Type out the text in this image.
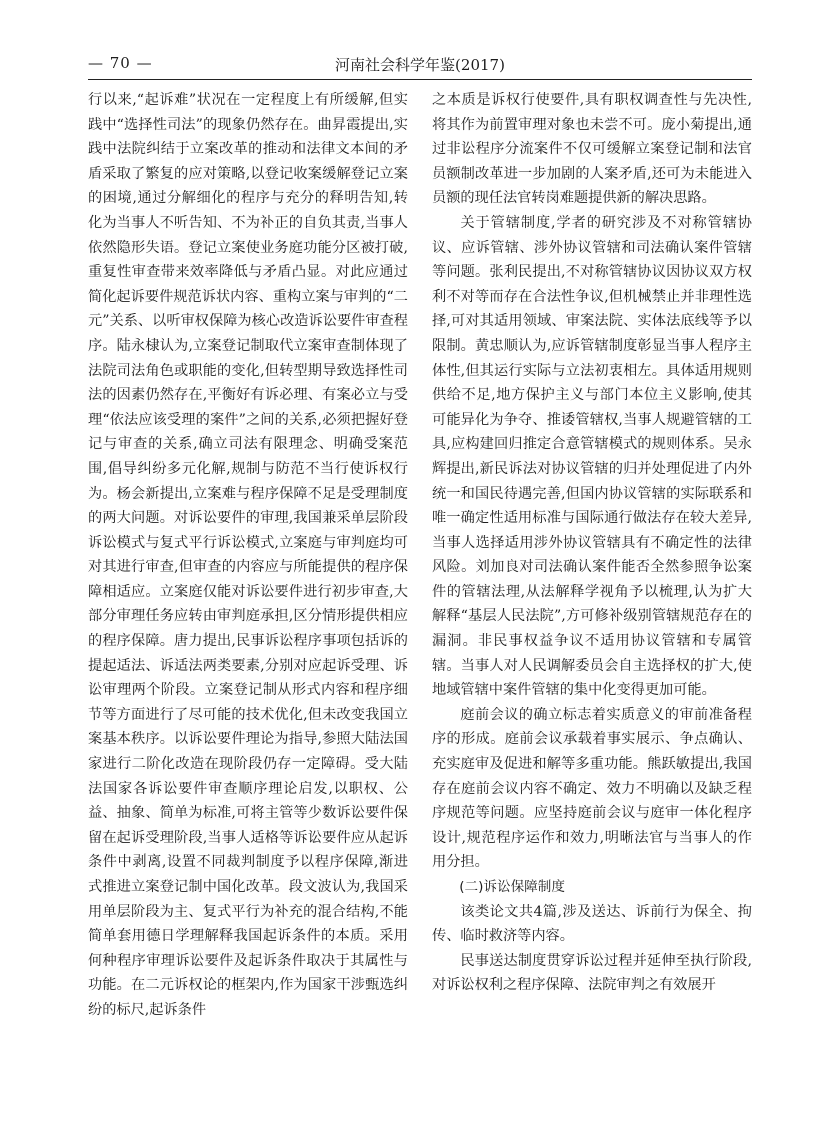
— 70 —	河南社会科学年鉴(2017)

行以来,“起诉难”状况在一定程度上有所缓解,但实践中“选择性司法”的现象仍然存在。曲昇霞提出,实践中法院纠结于立案改革的推动和法律文本间的矛盾采取了繁复的应对策略,以登记收案缓解登记立案的困境,通过分解细化的程序与充分的释明告知,转化为当事人不听告知、不为补正的自负其责,当事人依然隐形失语。登记立案使业务庭功能分区被打破,重复性审查带来效率降低与矛盾凸显。对此应通过简化起诉要件规范诉状内容、重构立案与审判的“二元”关系、以听审权保障为核心改造诉讼要件审查程序。陆永棣认为,立案登记制取代立案审查制体现了法院司法角色或职能的变化,但转型期导致选择性司法的因素仍然存在,平衡好有诉必理、有案必立与受理“依法应该受理的案件”之间的关系,必须把握好登记与审查的关系,确立司法有限理念、明确受案范围,倡导纠纷多元化解,规制与防范不当行使诉权行为。杨会新提出,立案难与程序保障不足是受理制度的两大问题。对诉讼要件的审理,我国兼采单层阶段诉讼模式与复式平行诉讼模式,立案庭与审判庭均可对其进行审查,但审查的内容应与所能提供的程序保障相适应。立案庭仅能对诉讼要件进行初步审查,大部分审理任务应转由审判庭承担,区分情形提供相应的程序保障。唐力提出,民事诉讼程序事项包括诉的提起适法、诉适法两类要素,分别对应起诉受理、诉讼审理两个阶段。立案登记制从形式内容和程序细节等方面进行了尽可能的技术优化,但未改变我国立案基本秩序。以诉讼要件理论为指导,参照大陆法国家进行二阶化改造在现阶段仍存一定障碍。受大陆法国家各诉讼要件审查顺序理论启发,以职权、公益、抽象、简单为标准,可将主管等少数诉讼要件保留在起诉受理阶段,当事人适格等诉讼要件应从起诉条件中剥离,设置不同裁判制度予以程序保障,渐进式推进立案登记制中国化改革。段文波认为,我国采用单层阶段为主、复式平行为补充的混合结构,不能简单套用德日学理解释我国起诉条件的本质。采用何种程序审理诉讼要件及起诉条件取决于其属性与功能。在二元诉权论的框架内,作为国家干涉甄选纠纷的标尺,起诉条件

之本质是诉权行使要件,具有职权调查性与先决性,将其作为前置审理对象也未尝不可。庞小菊提出,通过非讼程序分流案件不仅可缓解立案登记制和法官员额制改革进一步加剧的人案矛盾,还可为未能进入员额的现任法官转岗难题提供新的解决思路。

关于管辖制度,学者的研究涉及不对称管辖协议、应诉管辖、涉外协议管辖和司法确认案件管辖等问题。张利民提出,不对称管辖协议因协议双方权利不对等而存在合法性争议,但机械禁止并非理性选择,可对其适用领域、审案法院、实体法底线等予以限制。黄忠顺认为,应诉管辖制度彰显当事人程序主体性,但其运行实际与立法初衷相左。具体适用规则供给不足,地方保护主义与部门本位主义影响,使其可能异化为争夺、推诿管辖权,当事人规避管辖的工具,应构建回归推定合意管辖模式的规则体系。吴永辉提出,新民诉法对协议管辖的归并处理促进了内外统一和国民待遇完善,但国内协议管辖的实际联系和唯一确定性适用标准与国际通行做法存在较大差异,当事人选择适用涉外协议管辖具有不确定性的法律风险。刘加良对司法确认案件能否全然参照争讼案件的管辖法理,从法解释学视角予以梳理,认为扩大解释“基层人民法院”,方可修补级别管辖规范存在的漏洞。非民事权益争议不适用协议管辖和专属管辖。当事人对人民调解委员会自主选择权的扩大,使地域管辖中案件管辖的集中化变得更加可能。

庭前会议的确立标志着实质意义的审前准备程序的形成。庭前会议承载着事实展示、争点确认、充实庭审及促进和解等多重功能。熊跃敏提出,我国存在庭前会议内容不确定、效力不明确以及缺乏程序规范等问题。应坚持庭前会议与庭审一体化程序设计,规范程序运作和效力,明晰法官与当事人的作用分担。

(二)诉讼保障制度

该类论文共4篇,涉及送达、诉前行为保全、拘传、临时救济等内容。

民事送达制度贯穿诉讼过程并延伸至执行阶段,对诉讼权利之程序保障、法院审判之有效展开
